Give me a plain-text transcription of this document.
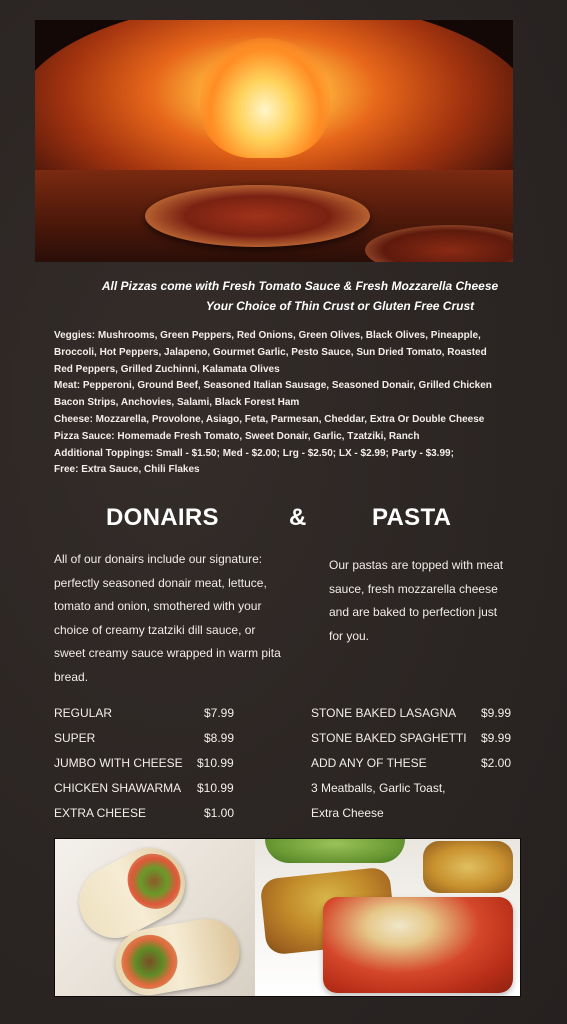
All Pizzas come with Fresh Tomato Sauce & Fresh Mozzarella Cheese
Your Choice of Thin Crust or Gluten Free Crust
Veggies: Mushrooms, Green Peppers, Red Onions, Green Olives, Black Olives, Pineapple,
Broccoli, Hot Peppers, Jalapeno, Gourmet Garlic, Pesto Sauce, Sun Dried Tomato, Roasted
Red Peppers, Grilled Zuchinni, Kalamata Olives
Meat: Pepperoni, Ground Beef, Seasoned Italian Sausage, Seasoned Donair, Grilled Chicken
Bacon Strips, Anchovies, Salami, Black Forest Ham
Cheese: Mozzarella, Provolone, Asiago, Feta, Parmesan, Cheddar, Extra Or Double Cheese
Pizza Sauce: Homemade Fresh Tomato, Sweet Donair, Garlic, Tzatziki, Ranch
Additional Toppings: Small - $1.50; Med - $2.00; Lrg - $2.50; LX - $2.99; Party - $3.99;
Free: Extra Sauce, Chili Flakes
DONAIRS	&	PASTA
All of our donairs include our signature:
perfectly seasoned donair meat, lettuce,
tomato and onion, smothered with your
choice of creamy tzatziki dill sauce, or
sweet creamy sauce wrapped in warm pita
bread.
Our pastas are topped with meat
sauce, fresh mozzarella cheese
and are baked to perfection just
for you.
REGULAR	$7.99
SUPER	$8.99
JUMBO WITH CHEESE $10.99
CHICKEN SHAWARMA $10.99
EXTRA CHEESE	$1.00
STONE BAKED LASAGNA $9.99
STONE BAKED SPAGHETTI $9.99
ADD ANY OF THESE	$2.00
3 Meatballs, Garlic Toast,
Extra Cheese
